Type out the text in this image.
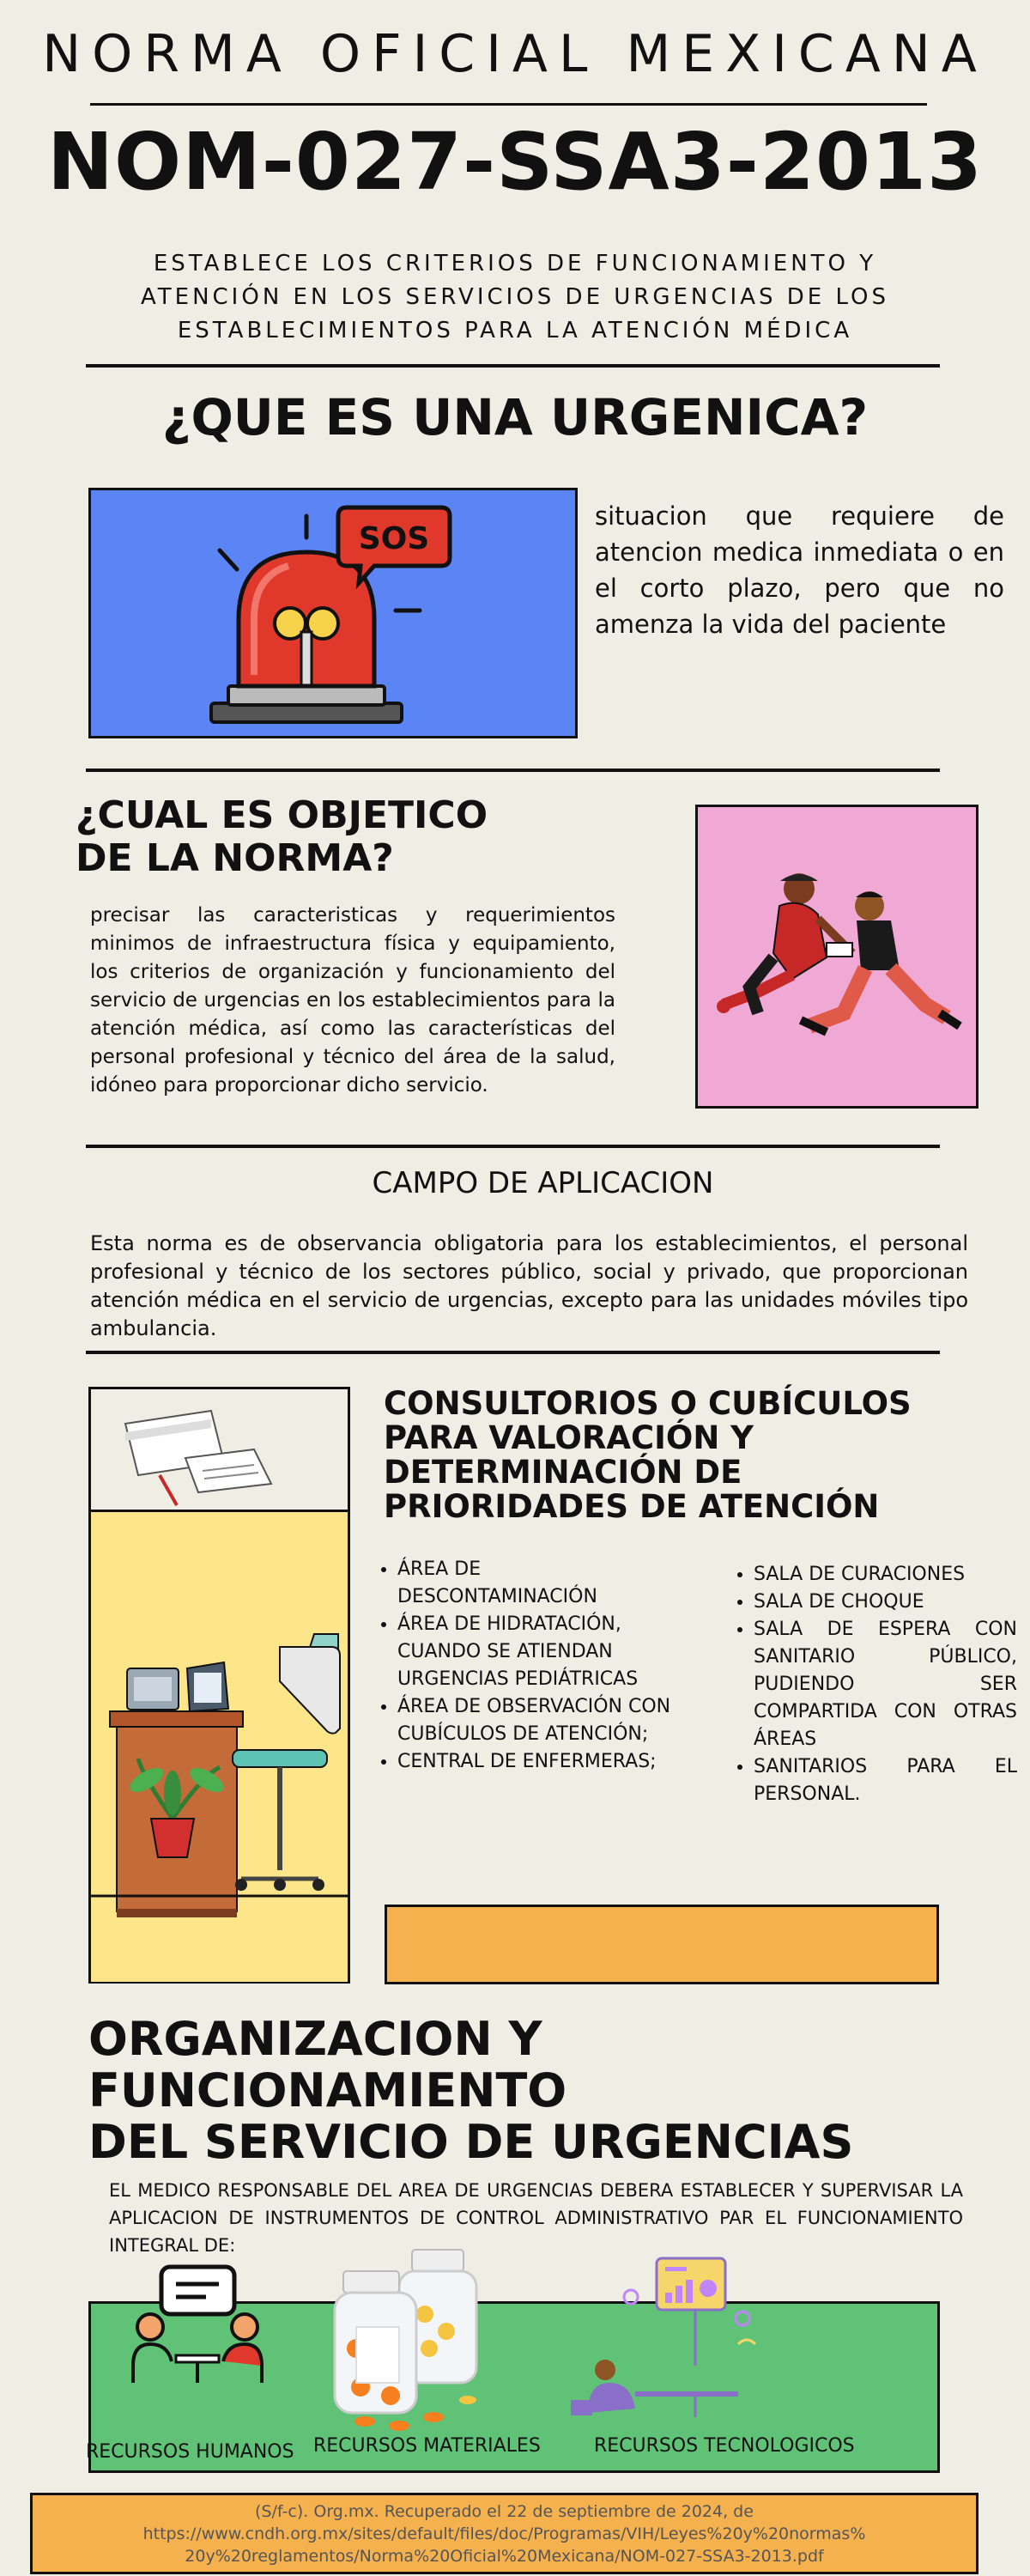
NORMA OFICIAL MEXICANA
NOM-027-SSA3-2013
ESTABLECE LOS CRITERIOS DE FUNCIONAMIENTO Y ATENCIÓN EN LOS SERVICIOS DE URGENCIAS DE LOS ESTABLECIMIENTOS PARA LA ATENCIÓN MÉDICA
¿QUE ES UNA URGENICA?
SOS
situacion que requiere de atencion medica inmediata o en el corto plazo, pero que no amenza la vida del paciente
¿CUAL ES OBJETICO
DE LA NORMA?
precisar las caracteristicas y requerimientos minimos de infraestructura física y equipamiento, los criterios de organización y funcionamiento del servicio de urgencias en los establecimientos para la atención médica, así como las características del personal profesional y técnico del área de la salud, idóneo para proporcionar dicho servicio.
CAMPO DE APLICACION
Esta norma es de observancia obligatoria para los establecimientos, el personal profesional y técnico de los sectores público, social y privado, que proporcionan atención médica en el servicio de urgencias, excepto para las unidades móviles tipo ambulancia.
CONSULTORIOS O CUBÍCULOS
PARA VALORACIÓN Y
DETERMINACIÓN DE
PRIORIDADES DE ATENCIÓN
• ÁREA DE DESCONTAMINACIÓN
• ÁREA DE HIDRATACIÓN, CUANDO SE ATIENDAN URGENCIAS PEDIÁTRICAS
• ÁREA DE OBSERVACIÓN CON CUBÍCULOS DE ATENCIÓN;
• CENTRAL DE ENFERMERAS;
• SALA DE CURACIONES
• SALA DE CHOQUE
• SALA DE ESPERA CON SANITARIO PÚBLICO, PUDIENDO SER COMPARTIDA CON OTRAS ÁREAS
• SANITARIOS PARA EL PERSONAL.
ORGANIZACION Y FUNCIONAMIENTO
DEL SERVICIO DE URGENCIAS
EL MEDICO RESPONSABLE DEL AREA DE URGENCIAS DEBERA ESTABLECER Y SUPERVISAR LA APLICACION DE INSTRUMENTOS DE CONTROL ADMINISTRATIVO PAR EL FUNCIONAMIENTO INTEGRAL DE:
RECURSOS HUMANOS RECURSOS MATERIALES	RECURSOS TECNOLOGICOS
(S/f-c). Org.mx. Recuperado el 22 de septiembre de 2024, de
https://www.cndh.org.mx/sites/default/files/doc/Programas/VIH/Leyes%20y%20normas%
20y%20reglamentos/Norma%20Oficial%20Mexicana/NOM-027-SSA3-2013.pdf
